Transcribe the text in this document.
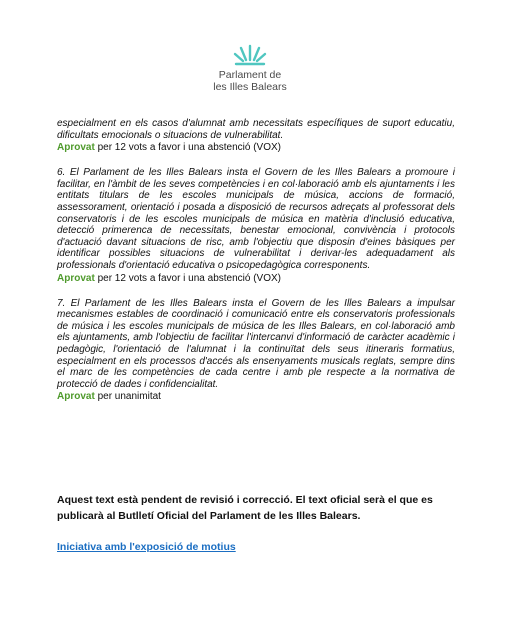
Parlament de
les Illes Balears

especialment en els casos d'alumnat amb necessitats específiques de suport educatiu, dificultats emocionals o situacions de vulnerabilitat.

Aprovat per 12 vots a favor i una abstenció (VOX)

6. El Parlament de les Illes Balears insta el Govern de les Illes Balears a promoure i facilitar, en l'àmbit de les seves competències i en col·laboració amb els ajuntaments i les entitats titulars de les escoles municipals de música, accions de formació, assessorament, orientació i posada a disposició de recursos adreçats al professorat dels conservatoris i de les escoles municipals de música en matèria d'inclusió educativa, detecció primerenca de necessitats, benestar emocional, convivència i protocols d'actuació davant situacions de risc, amb l'objectiu que disposin d'eines bàsiques per identificar possibles situacions de vulnerabilitat i derivar-les adequadament als professionals d'orientació educativa o psicopedagògica corresponents.

Aprovat per 12 vots a favor i una abstenció (VOX)

7. El Parlament de les Illes Balears insta el Govern de les Illes Balears a impulsar mecanismes estables de coordinació i comunicació entre els conservatoris professionals de música i les escoles municipals de música de les Illes Balears, en col·laboració amb els ajuntaments, amb l'objectiu de facilitar l'intercanvi d'informació de caràcter acadèmic i pedagògic, l'orientació de l'alumnat i la continuïtat dels seus itineraris formatius, especialment en els processos d'accés als ensenyaments musicals reglats, sempre dins el marc de les competències de cada centre i amb ple respecte a la normativa de protecció de dades i confidencialitat.

Aprovat per unanimitat

Aquest text està pendent de revisió i correcció. El text oficial serà el que es publicarà al Butlletí Oficial del Parlament de les Illes Balears.

Iniciativa amb l'exposició de motius
